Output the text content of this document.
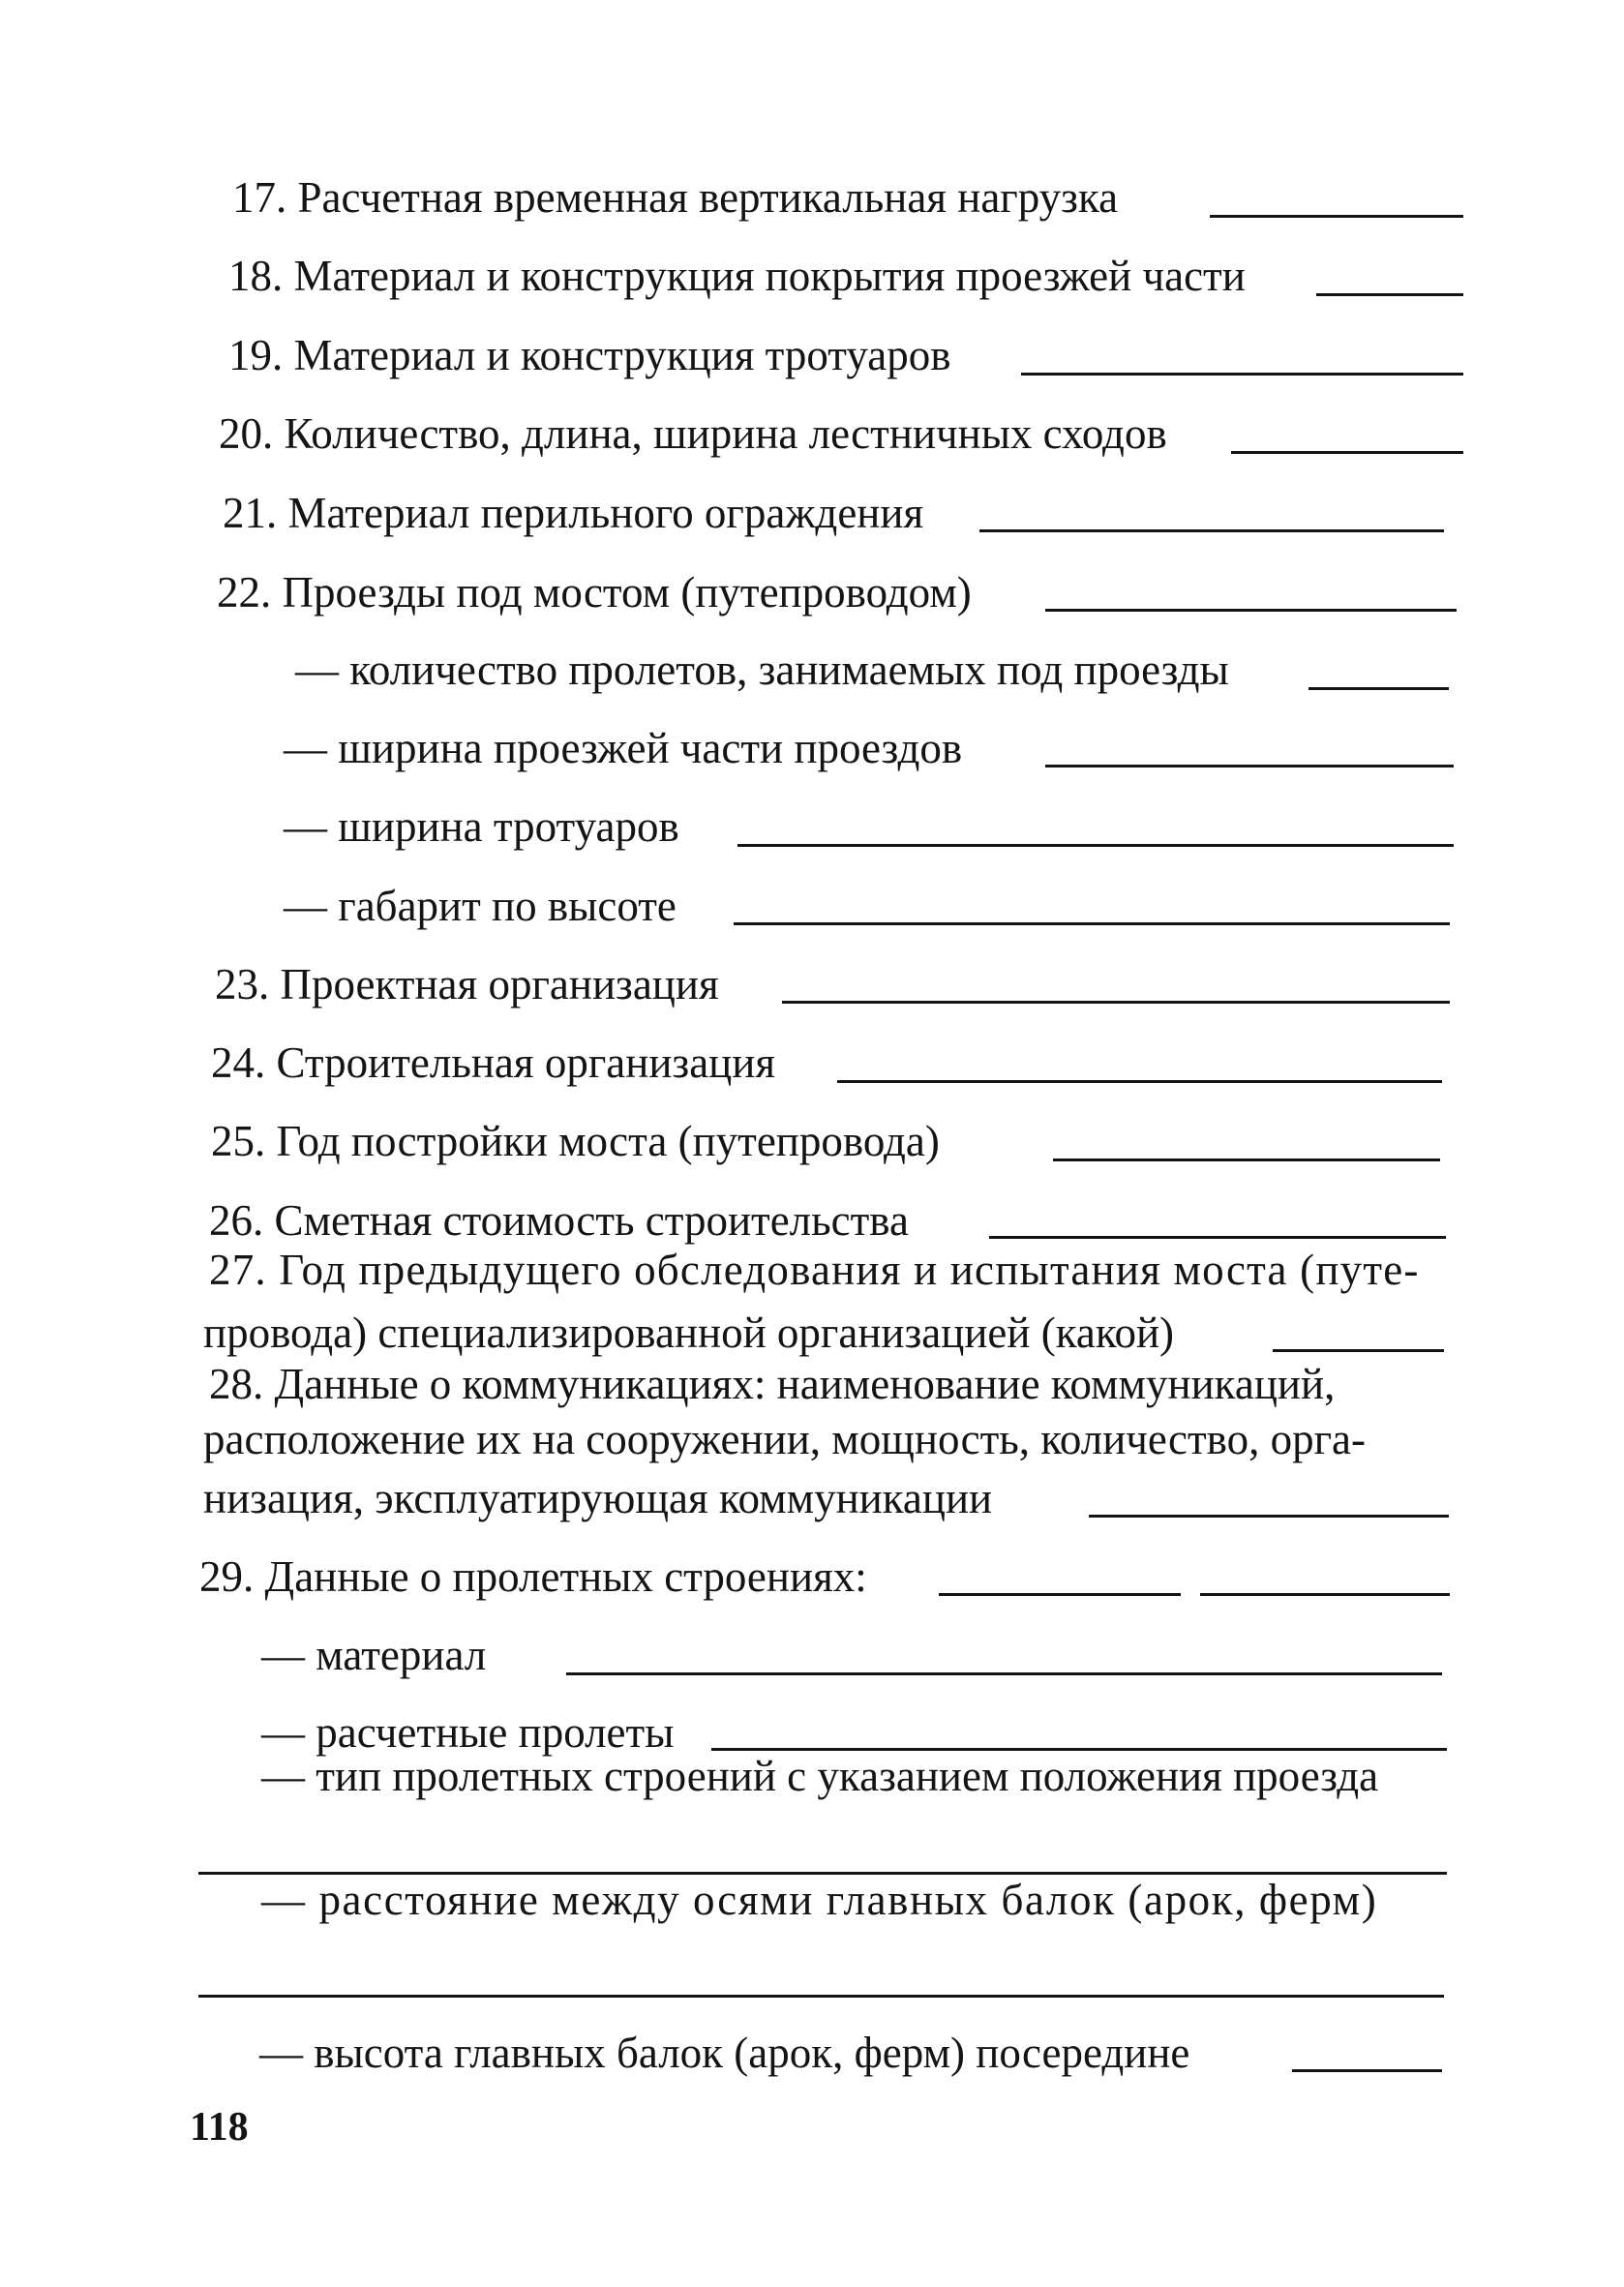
17. Расчетная временная вертикальная нагрузка
18. Материал и конструкция покрытия проезжей части
19. Материал и конструкция тротуаров
20. Количество, длина, ширина лестничных сходов
21. Материал перильного ограждения
22. Проезды под мостом (путепроводом)
— количество пролетов, занимаемых под проезды
— ширина проезжей части проездов
— ширина тротуаров
— габарит по высоте
23. Проектная организация
24. Строительная организация
25. Год постройки моста (путепровода)
26. Сметная стоимость строительства
27. Год предыдущего обследования и испытания моста (путе-
провода) специализированной организацией (какой)
28. Данные о коммуникациях: наименование коммуникаций,
расположение их на сооружении, мощность, количество, орга-
низация, эксплуатирующая коммуникации
29. Данные о пролетных строениях:
— материал
— расчетные пролеты
— тип пролетных строений с указанием положения проезда
— расстояние между осями главных балок (арок, ферм)
— высота главных балок (арок, ферм) посередине
118
